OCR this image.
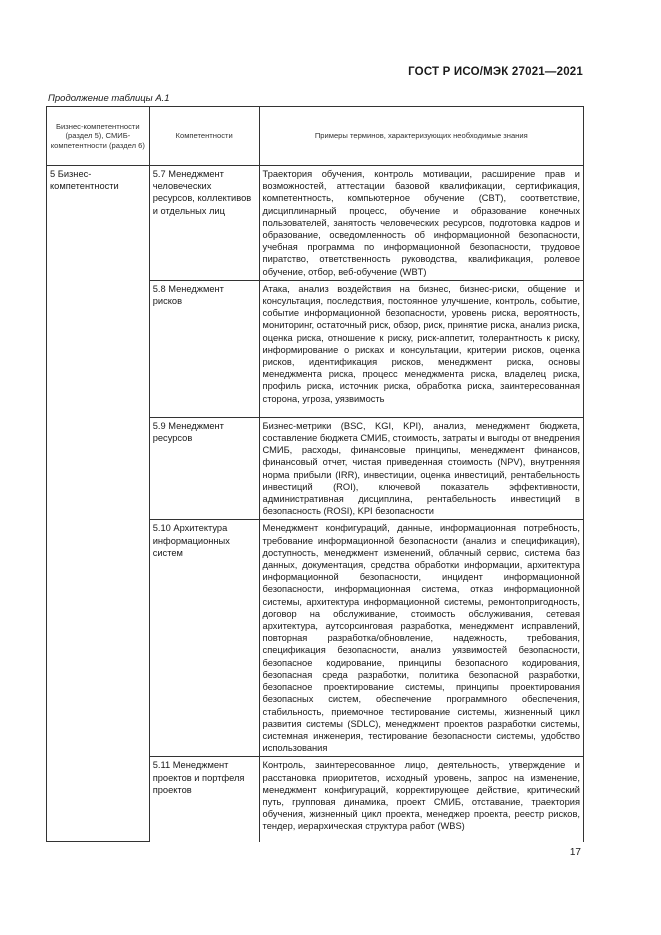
ГОСТ Р ИСО/МЭК 27021—2021
Продолжение таблицы А.1
Бизнес-компетентности (раздел 5), СМИБ-компетентности (раздел 6)	Компетентности	Примеры терминов, характеризующих необходимые знания
5 Бизнес-компетентности	5.7 Менеджмент человеческих ресурсов, коллективов и отдельных лиц	Траектория обучения, контроль мотивации, расширение прав и возможностей, аттестации базовой квалификации, сертификация, компетентность, компьютерное обучение (CBT), соответствие, дисциплинарный процесс, обучение и образование конечных пользователей, занятость человеческих ресурсов, подготовка кадров и образование, осведомленность об информационной безопасности, учебная программа по информационной безопасности, трудовое пиратство, ответственность руководства, квалификация, ролевое обучение, отбор, веб-обучение (WBT)
	5.8 Менеджмент рисков	Атака, анализ воздействия на бизнес, бизнес-риски, общение и консультация, последствия, постоянное улучшение, контроль, событие, событие информационной безопасности, уровень риска, вероятность, мониторинг, остаточный риск, обзор, риск, принятие риска, анализ риска, оценка риска, отношение к риску, риск-аппетит, толерантность к риску, информирование о рисках и консультации, критерии рисков, оценка рисков, идентификация рисков, менеджмент риска, основы менеджмента риска, процесс менеджмента риска, владелец риска, профиль риска, источник риска, обработка риска, заинтересованная сторона, угроза, уязвимость
	5.9 Менеджмент ресурсов	Бизнес-метрики (BSC, KGI, KPI), анализ, менеджмент бюджета, составление бюджета СМИБ, стоимость, затраты и выгоды от внедрения СМИБ, расходы, финансовые принципы, менеджмент финансов, финансовый отчет, чистая приведенная стоимость (NPV), внутренняя норма прибыли (IRR), инвестиции, оценка инвестиций, рентабельность инвестиций (ROI), ключевой показатель эффективности, административная дисциплина, рентабельность инвестиций в безопасность (ROSI), KPI безопасности
	5.10 Архитектура информационных систем	Менеджмент конфигураций, данные, информационная потребность, требование информационной безопасности (анализ и спецификация), доступность, менеджмент изменений, облачный сервис, система баз данных, документация, средства обработки информации, архитектура информационной безопасности, инцидент информационной безопасности, информационная система, отказ информационной системы, архитектура информационной системы, ремонтопригодность, договор на обслуживание, стоимость обслуживания, сетевая архитектура, аутсорсинговая разработка, менеджмент исправлений, повторная разработка/обновление, надежность, требования, спецификация безопасности, анализ уязвимостей безопасности, безопасное кодирование, принципы безопасного кодирования, безопасная среда разработки, политика безопасной разработки, безопасное проектирование системы, принципы проектирования безопасных систем, обеспечение программного обеспечения, стабильность, приемочное тестирование системы, жизненный цикл развития системы (SDLC), менеджмент проектов разработки системы, системная инженерия, тестирование безопасности системы, удобство использования
	5.11 Менеджмент проектов и портфеля проектов	Контроль, заинтересованное лицо, деятельность, утверждение и расстановка приоритетов, исходный уровень, запрос на изменение, менеджмент конфигураций, корректирующее действие, критический путь, групповая динамика, проект СМИБ, отставание, траектория обучения, жизненный цикл проекта, менеджер проекта, реестр рисков, тендер, иерархическая структура работ (WBS)
17
